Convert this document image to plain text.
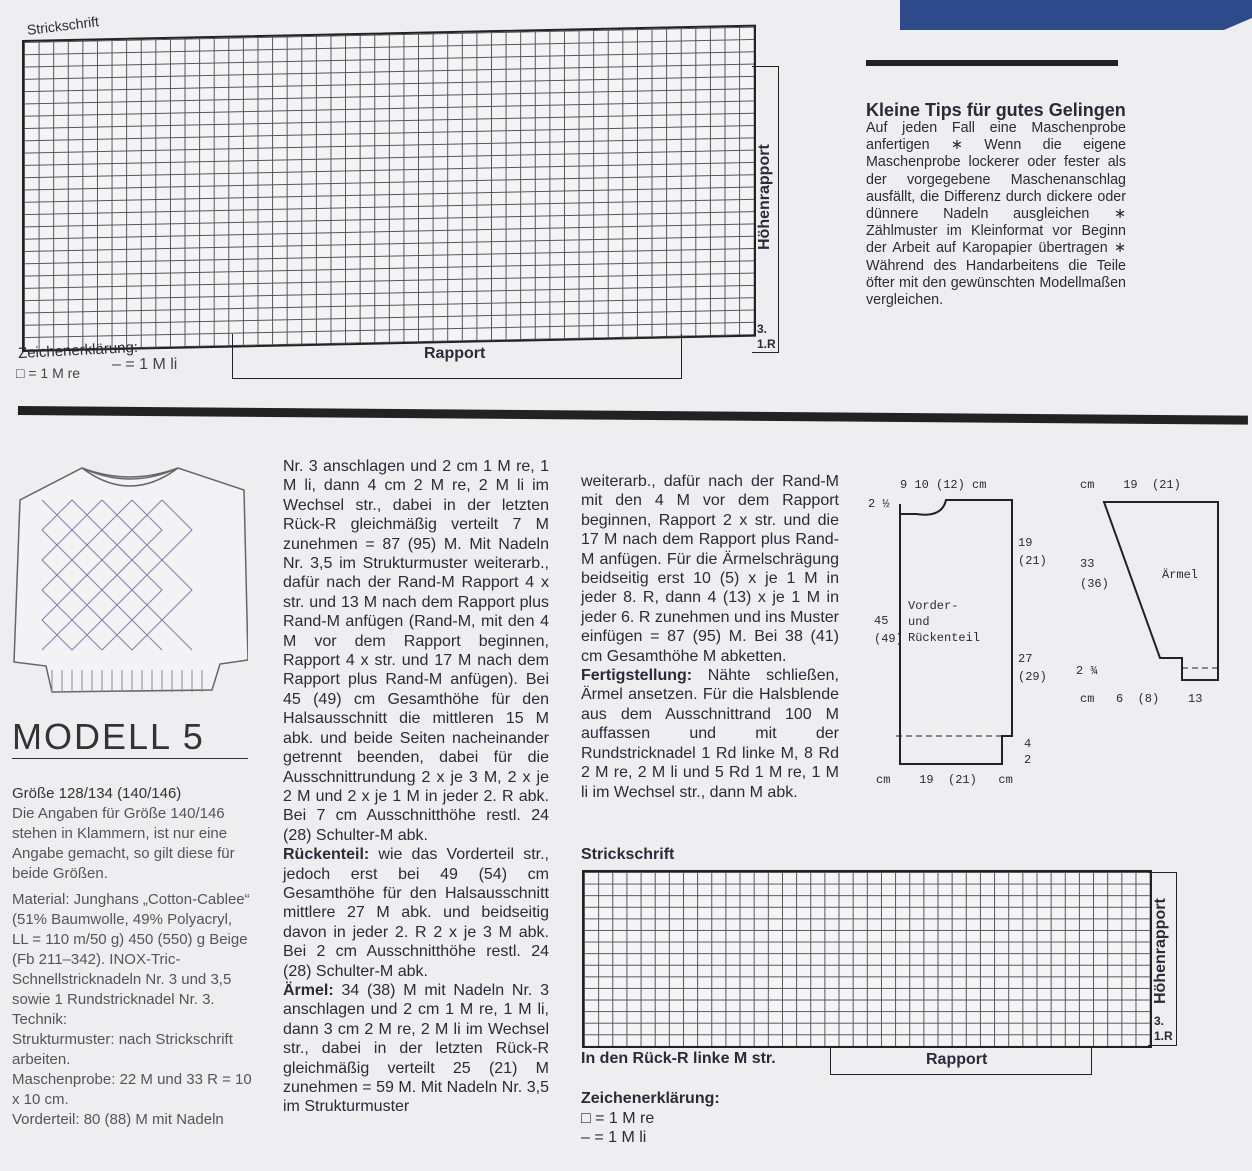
Strickschrift
Höhenrapport
3.
1.R
Rapport
Zeichenerklärung:
□ = 1 M re – = 1 M li
Kleine Tips für gutes Gelingen
Auf jeden Fall eine Maschenprobe anfertigen ∗ Wenn die eigene Maschenprobe lockerer oder fester als der vorgegebene Maschenanschlag ausfällt, die Differenz durch dickere oder dünnere Nadeln ausgleichen ∗ Zählmuster im Kleinformat vor Beginn der Arbeit auf Karopapier übertragen ∗ Während des Handarbeitens die Teile öfter mit den gewünschten Modellmaßen vergleichen.
MODELL 5

Größe 128/134 (140/146)

Die Angaben für Größe 140/146 stehen in Klammern, ist nur eine Angabe gemacht, so gilt diese für beide Größen.

Material: Junghans „Cotton-Cablee“ (51% Baumwolle, 49% Polyacryl, LL = 110 m/50 g) 450 (550) g Beige (Fb 211–342). INOX-Tric-Schnellstricknadeln Nr. 3 und 3,5 sowie 1 Rundstricknadel Nr. 3.

Technik:

Strukturmuster: nach Strickschrift arbeiten.

Maschenprobe: 22 M und 33 R = 10 x 10 cm.

Vorderteil: 80 (88) M mit Nadeln

Nr. 3 anschlagen und 2 cm 1 M re, 1 M li, dann 4 cm 2 M re, 2 M li im Wechsel str., dabei in der letzten Rück-R gleichmäßig verteilt 7 M zunehmen = 87 (95) M. Mit Nadeln Nr. 3,5 im Strukturmuster weiterarb., dafür nach der Rand-M Rapport 4 x str. und 13 M nach dem Rapport plus Rand-M anfügen (Rand-M, mit den 4 M vor dem Rapport beginnen, Rapport 4 x str. und 17 M nach dem Rapport plus Rand-M anfügen). Bei 45 (49) cm Gesamthöhe für den Halsausschnitt die mittleren 15 M abk. und beide Seiten nacheinander getrennt beenden, dabei für die Ausschnittrundung 2 x je 3 M, 2 x je 2 M und 2 x je 1 M in jeder 2. R abk. Bei 7 cm Ausschnitthöhe restl. 24 (28) Schulter-M abk.

Rückenteil: wie das Vorderteil str., jedoch erst bei 49 (54) cm Gesamthöhe für den Halsausschnitt mittlere 27 M abk. und beidseitig davon in jeder 2. R 2 x je 3 M abk. Bei 2 cm Ausschnitthöhe restl. 24 (28) Schulter-M abk.

Ärmel: 34 (38) M mit Nadeln Nr. 3 anschlagen und 2 cm 1 M re, 1 M li, dann 3 cm 2 M re, 2 M li im Wechsel str., dabei in der letzten Rück-R gleichmäßig verteilt 25 (21) M zunehmen = 59 M. Mit Nadeln Nr. 3,5 im Strukturmuster

weiterarb., dafür nach der Rand-M mit den 4 M vor dem Rapport beginnen, Rapport 2 x str. und die 17 M nach dem Rapport plus Rand-M anfügen. Für die Ärmelschrägung beidseitig erst 10 (5) x je 1 M in jeder 8. R, dann 4 (13) x je 1 M in jeder 6. R zunehmen und ins Muster einfügen = 87 (95) M. Bei 38 (41) cm Gesamthöhe M abketten.

Fertigstellung: Nähte schließen, Ärmel ansetzen. Für die Halsblende aus dem Ausschnittrand 100 M auffassen und mit der Rundstricknadel 1 Rd linke M, 8 Rd 2 M re, 2 M li und 5 Rd 1 M re, 1 M li im Wechsel str., dann M abk.

9 10 (12) cm
2 ½
Vorder-
und
Rückenteil
45
(49)
19
(21)
27
(29)
4
2
cm    19  (21)   cm
cm    19  (21)
Ärmel
33
(36)
2 ¾
cm   6  (8)    13
Strickschrift
Höhenrapport
3.
1.R
In den Rück-R linke M str.	Rapport
Zeichenerklärung:
□ = 1 M re
– = 1 M li
